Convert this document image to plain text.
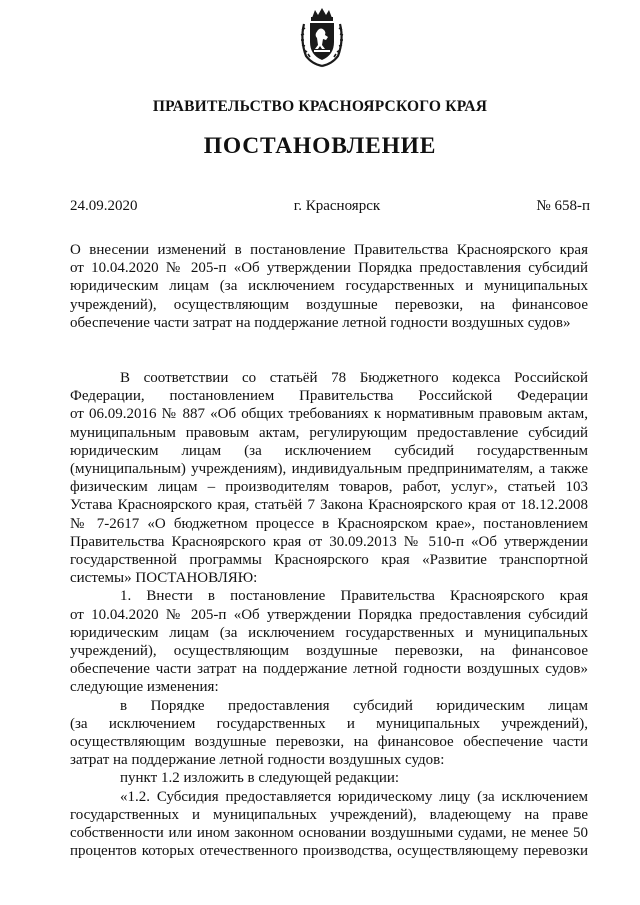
ПРАВИТЕЛЬСТВО КРАСНОЯРСКОГО КРАЯ
ПОСТАНОВЛЕНИЕ
24.09.2020	г. Красноярск	№ 658-п
О внесении изменений в постановление Правительства Красноярского края
от 10.04.2020 № 205-п «Об утверждении Порядка предоставления субсидий
юридическим лицам (за исключением государственных и муниципальных
учреждений), осуществляющим воздушные перевозки, на финансовое
обеспечение части затрат на поддержание летной годности воздушных судов»
В соответствии со статьёй 78 Бюджетного кодекса Российской
Федерации, постановлением Правительства Российской Федерации
от 06.09.2016 № 887 «Об общих требованиях к нормативным правовым актам,
муниципальным правовым актам, регулирующим предоставление субсидий
юридическим лицам (за исключением субсидий государственным
(муниципальным) учреждениям), индивидуальным предпринимателям, а также
физическим лицам – производителям товаров, работ, услуг», статьей 103
Устава Красноярского края, статьёй 7 Закона Красноярского края от 18.12.2008
№ 7-2617 «О бюджетном процессе в Красноярском крае», постановлением
Правительства Красноярского края от 30.09.2013 № 510-п «Об утверждении
государственной программы Красноярского края «Развитие транспортной
системы» ПОСТАНОВЛЯЮ:
1. Внести в постановление Правительства Красноярского края
от 10.04.2020 № 205-п «Об утверждении Порядка предоставления субсидий
юридическим лицам (за исключением государственных и муниципальных
учреждений), осуществляющим воздушные перевозки, на финансовое
обеспечение части затрат на поддержание летной годности воздушных судов»
следующие изменения:
в Порядке предоставления субсидий юридическим лицам
(за исключением государственных и муниципальных учреждений),
осуществляющим воздушные перевозки, на финансовое обеспечение части
затрат на поддержание летной годности воздушных судов:
пункт 1.2 изложить в следующей редакции:
«1.2. Субсидия предоставляется юридическому лицу (за исключением
государственных и муниципальных учреждений), владеющему на праве
собственности или ином законном основании воздушными судами, не менее 50
процентов которых отечественного производства, осуществляющему перевозки
